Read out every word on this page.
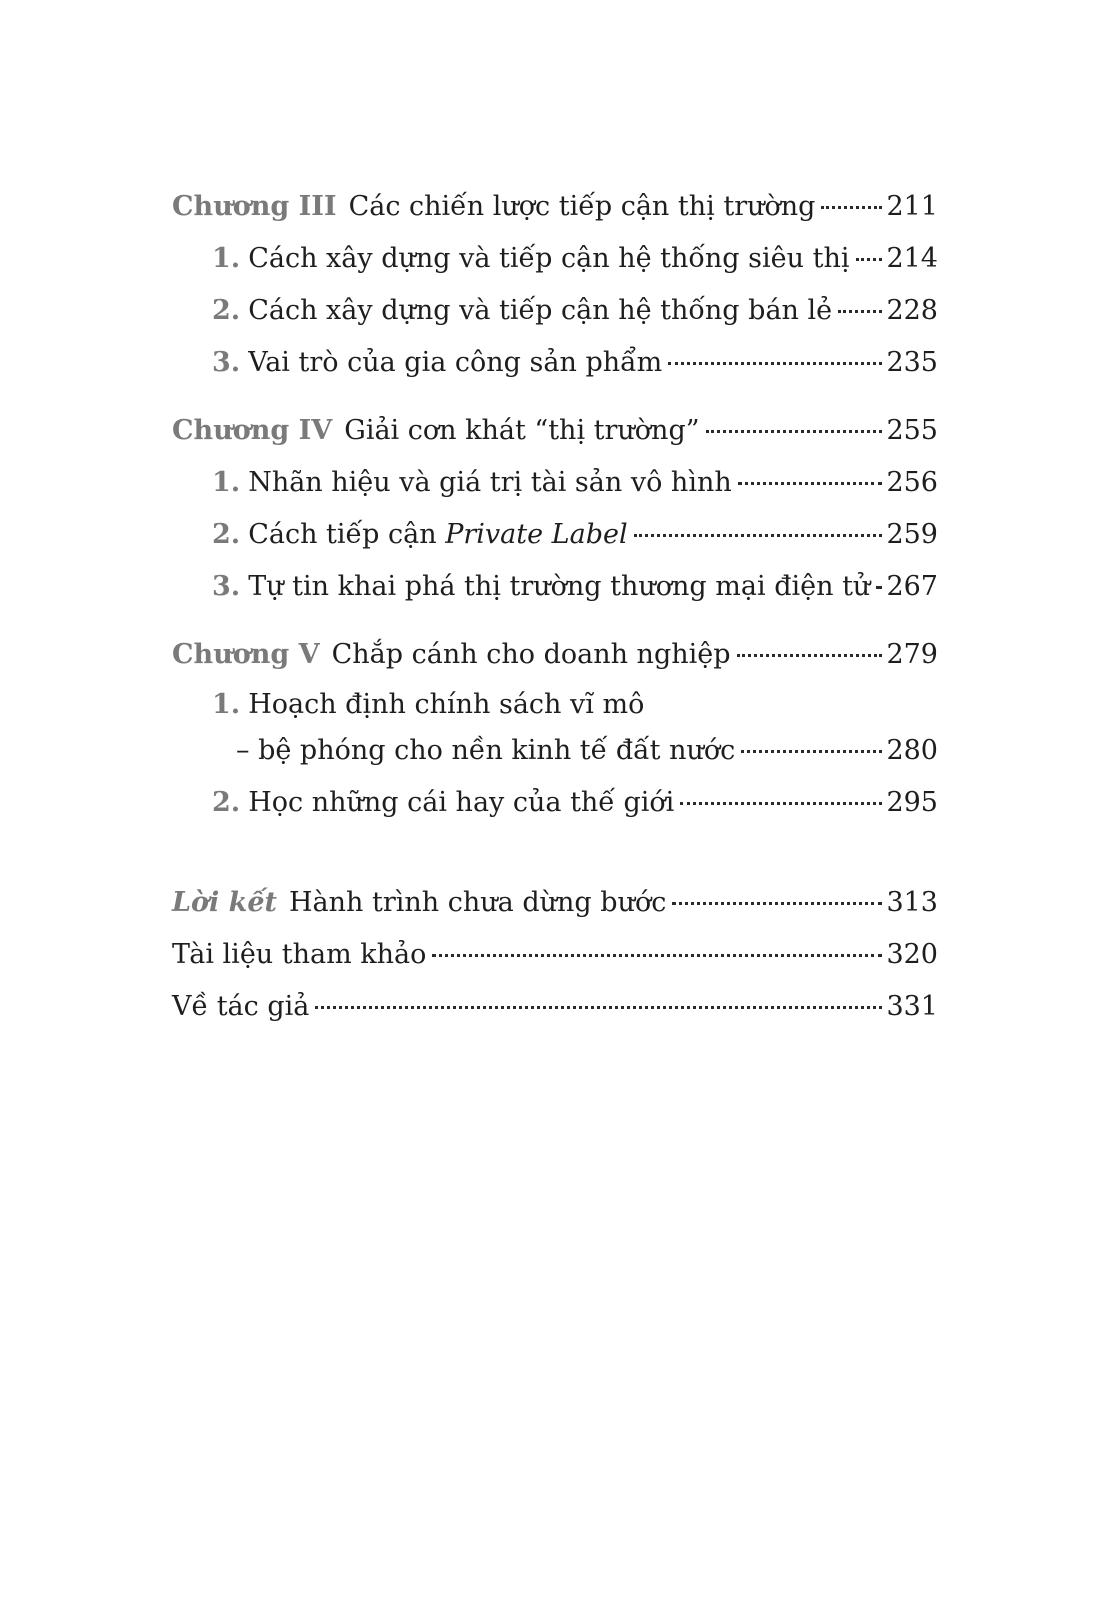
Chương III Các chiến lược tiếp cận thị trường	211
1. Cách xây dựng và tiếp cận hệ thống siêu thị 214
2. Cách xây dựng và tiếp cận hệ thống bán lẻ 228
3. Vai trò của gia công sản phẩm	235
Chương IV Giải cơn khát “thị trường”	255
1. Nhãn hiệu và giá trị tài sản vô hình	256
2. Cách tiếp cận Private Label	259
3. Tự tin khai phá thị trường thương mại điện tử 267
Chương V Chắp cánh cho doanh nghiệp	279
1. Hoạch định chính sách vĩ mô
– bệ phóng cho nền kinh tế đất nước	280
2. Học những cái hay của thế giới	295
Lời kết Hành trình chưa dừng bước	313
Tài liệu tham khảo	320
Về tác giả	331
